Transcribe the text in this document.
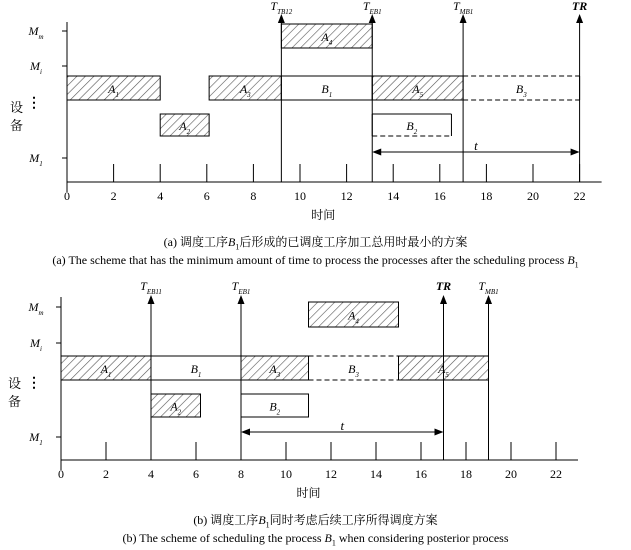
0	2	4	6	8	10	12	14	16	18	20	22
时间
设
备
$M_m$
$M_i$
⋮
$M_1$
$A_1$	$A_3$	$B_1$	$A_5$	$B_3$
$A_4$
$A_2$	$B_2$
$T_{TB12}$	$T_{EB1}$	$T_{MB1}$	TR
t
0	2	4	6	8	10	12	14	16	18	20	22
时间
设
备
$M_m$
$M_i$
⋮
$M_1$
$A_1$	$B_1$	$A_3$	$B_3$	$A_5$
$A_4$
$A_2$	$B_2$
$T_{EB11}$	$T_{EB1}$	TR $T_{MB1}$
t
(a) 调度工序$B_1$后形成的已调度工序加工总用时最小的方案
(a) The scheme that has the minimum amount of time to process the processes after the scheduling process $B_1$
(b) 调度工序$B_1$同时考虑后续工序所得调度方案
(b) The scheme of scheduling the process $B_1$ when considering posterior process
